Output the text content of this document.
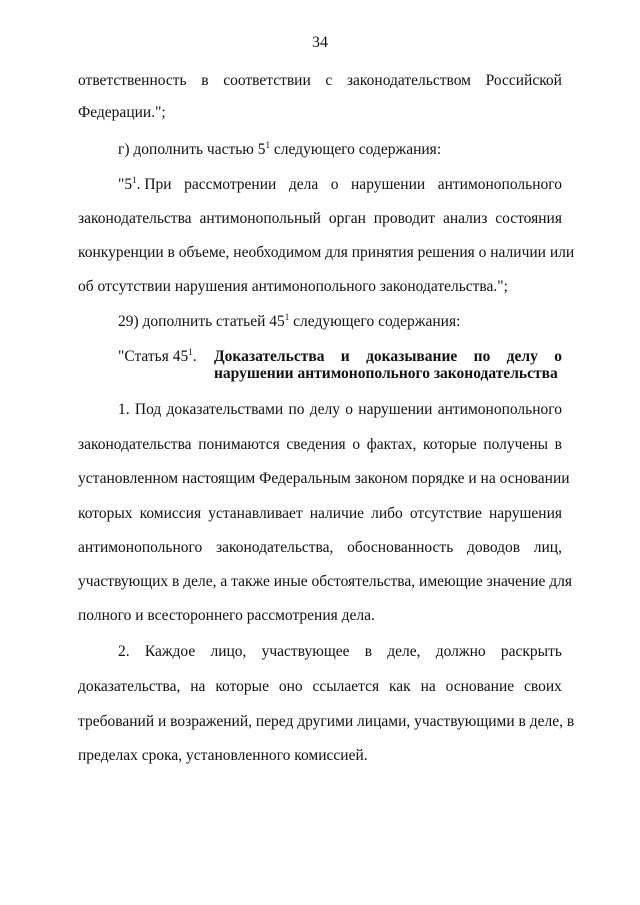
34
ответственность в соответствии с законодательством Российской
Федерации.";
г) дополнить частью $5^1$ следующего содержания:
"$5^1$. При рассмотрении дела о нарушении антимонопольного
законодательства антимонопольный орган проводит анализ состояния
конкуренции в объеме, необходимом для принятия решения о наличии или
об отсутствии нарушения антимонопольного законодательства.";
29) дополнить статьей $45^1$ следующего содержания:
"Статья $45^1$. Доказательства и доказывание по делу о
нарушении антимонопольного законодательства
1. Под доказательствами по делу о нарушении антимонопольного
законодательства понимаются сведения о фактах, которые получены в
установленном настоящим Федеральным законом порядке и на основании
которых комиссия устанавливает наличие либо отсутствие нарушения
антимонопольного законодательства, обоснованность доводов лиц,
участвующих в деле, а также иные обстоятельства, имеющие значение для
полного и всестороннего рассмотрения дела.
2. Каждое лицо, участвующее в деле, должно раскрыть
доказательства, на которые оно ссылается как на основание своих
требований и возражений, перед другими лицами, участвующими в деле, в
пределах срока, установленного комиссией.
